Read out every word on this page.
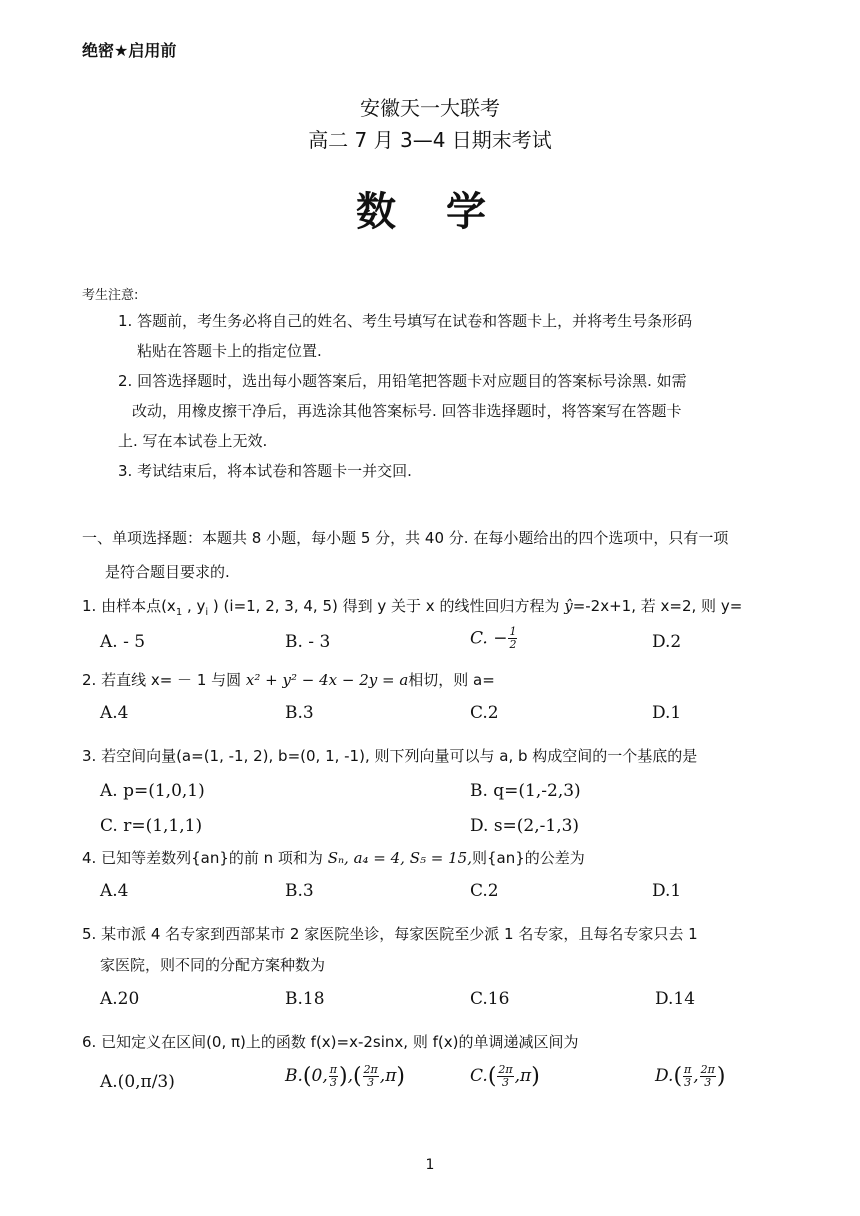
绝密★启用前
安徽天一大联考
高二 7 月 3—4 日期末考试
数 学
考生注意:
1. 答题前，考生务必将自己的姓名、考生号填写在试卷和答题卡上，并将考生号条形码
粘贴在答题卡上的指定位置.
2. 回答选择题时，选出每小题答案后，用铅笔把答题卡对应题目的答案标号涂黑. 如需
改动，用橡皮擦干净后，再选涂其他答案标号. 回答非选择题时，将答案写在答题卡
上. 写在本试卷上无效.
3. 考试结束后，将本试卷和答题卡一并交回.
一、单项选择题：本题共 8 小题，每小题 5 分，共 40 分. 在每小题给出的四个选项中，只有一项
是符合题目要求的.
1. 由样本点($x_1$ , $y_i$ ) (i=1, 2, 3, 4, 5) 得到 y 关于 x 的线性回归方程为 ŷ=-2x+1, 若 x=2, 则 y=
A. - 5	B. - 3	C. − $\frac{1}{2}$	D.2
2. 若直线 x= － 1 与圆 x² + y² − 4x − 2y = a相切，则 a=
A.4	B.3	C.2	D.1
3. 若空间向量(a=(1, -1, 2), b=(0, 1, -1), 则下列向量可以与 a, b 构成空间的一个基底的是
A. p=(1,0,1)	B. q=(1,-2,3)
C. r=(1,1,1)	D. s=(2,-1,3)
4. 已知等差数列{an}的前 n 项和为 Sₙ, a₄ = 4, S₅ = 15,则{an}的公差为
A.4	B.3	C.2	D.1
5. 某市派 4 名专家到西部某市 2 家医院坐诊，每家医院至少派 1 名专家，且每名专家只去 1
家医院，则不同的分配方案种数为
A.20	B.18	C.16	D.14
6. 已知定义在区间(0, π)上的函数 f(x)=x-2sinx, 则 f(x)的单调递减区间为
A.(0,π/3)	B.(0, $\frac{\pi}{3}$ ),( $\frac{2\pi}{3} ,\pi$)	$C.( \frac{2\pi}{3} ,\pi)$	$D.( \frac{\pi}{3}$ , $\frac{2\pi}{3}$ )
1
